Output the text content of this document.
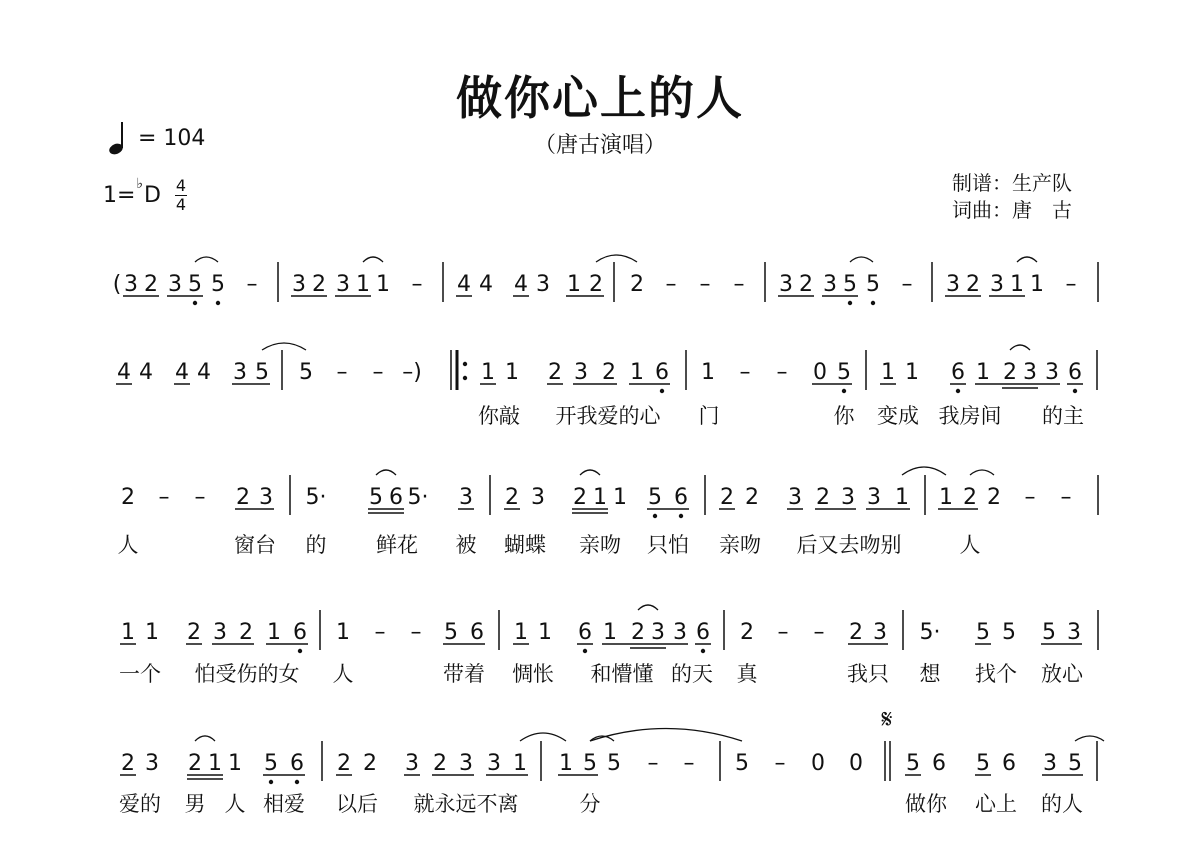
做你心上的人
（唐古演唱）
= 104
1= ♭ D 4
4
制谱：生产队
词曲：唐　古
( 3 2 3 5 5 – 3 2 3 1 1 – 4 4 4 3 1 2 2 – – – 3 2 3 5 5 – 3 2 3 1 1 –
4 4 4 4 3 5 5 – – –)	1 1 2 3 2 1 6 1 – – 0 5 1 1 6 1 2 3 3 6
你敲 开我爱的心 门	你 变成 我房间 的主
2 – – 2 3 5· 5 6 5· 3 2 3 2 1 1 5 6 2 2 3 2 3 3 1 1 2 2 – –
人	窗台 的 鲜花 被 蝴蝶 亲吻 只怕 亲吻 后又去吻别	人
1 1 2 3 2 1 6 1 – – 5 6 1 1 6 1 2 3 3 6 2 – – 2 3 5· 5 5 5 3
一个 怕受伤的女 人	带着 惆怅 和懵懂 的天 真	我只 想 找个 放心
2 3 2 1 1 5 6 2 2 3 2 3 3 1 1 5 5 – – 5 – 0 0 5 6 5 6 3 5
𝄋
爱的 男 人 相爱 以后 就永远不离	分	做你 心上 的人
